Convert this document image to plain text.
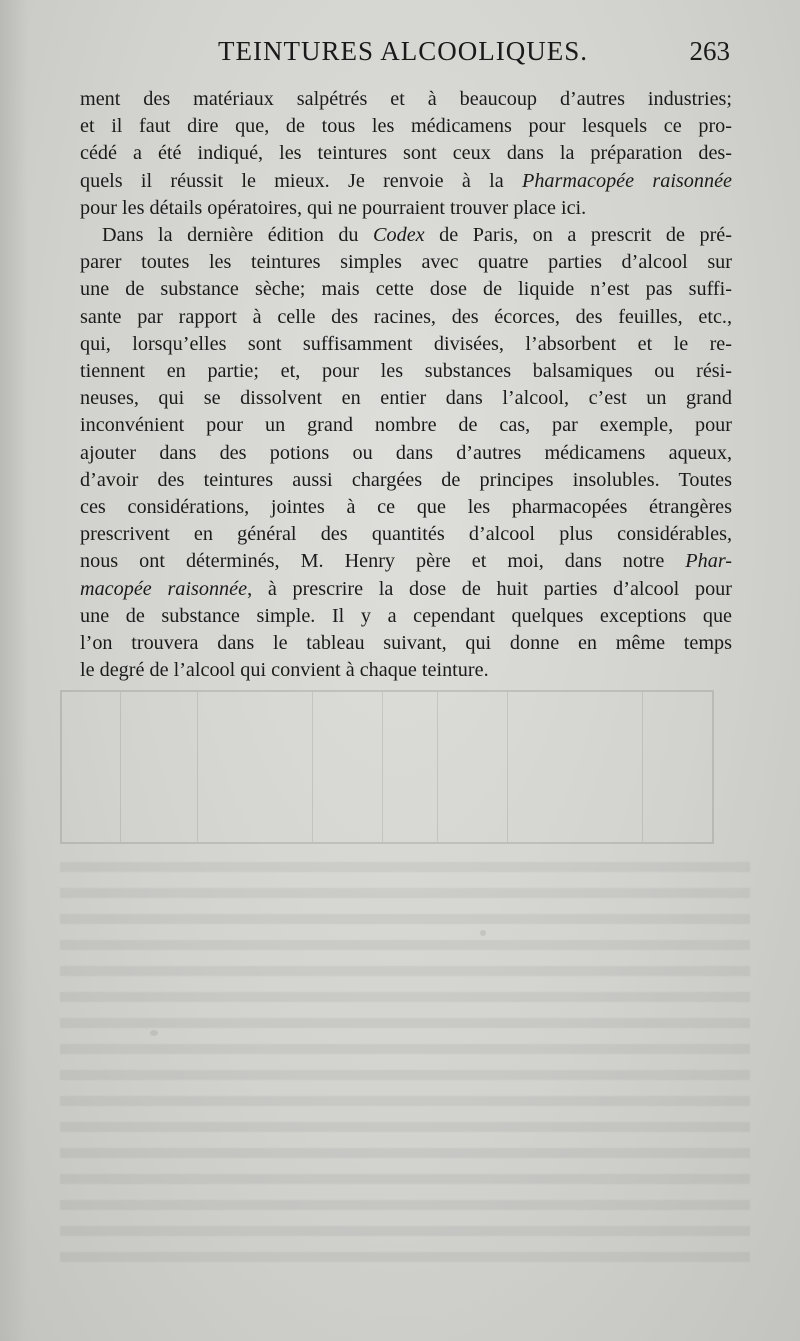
TEINTURES ALCOOLIQUES.	263
ment des matériaux salpétrés et à beaucoup d’autres industries;
et il faut dire que, de tous les médicamens pour lesquels ce pro-
cédé a été indiqué, les teintures sont ceux dans la préparation des-
quels il réussit le mieux. Je renvoie à la Pharmacopée raisonnée
pour les détails opératoires, qui ne pourraient trouver place ici.
Dans la dernière édition du Codex de Paris, on a prescrit de pré-
parer toutes les teintures simples avec quatre parties d’alcool sur
une de substance sèche; mais cette dose de liquide n’est pas suffi-
sante par rapport à celle des racines, des écorces, des feuilles, etc.,
qui, lorsqu’elles sont suffisamment divisées, l’absorbent et le re-
tiennent en partie; et, pour les substances balsamiques ou rési-
neuses, qui se dissolvent en entier dans l’alcool, c’est un grand
inconvénient pour un grand nombre de cas, par exemple, pour
ajouter dans des potions ou dans d’autres médicamens aqueux,
d’avoir des teintures aussi chargées de principes insolubles. Toutes
ces considérations, jointes à ce que les pharmacopées étrangères
prescrivent en général des quantités d’alcool plus considérables,
nous ont déterminés, M. Henry père et moi, dans notre Phar-
macopée raisonnée, à prescrire la dose de huit parties d’alcool pour
une de substance simple. Il y a cependant quelques exceptions que
l’on trouvera dans le tableau suivant, qui donne en même temps
le degré de l’alcool qui convient à chaque teinture.
